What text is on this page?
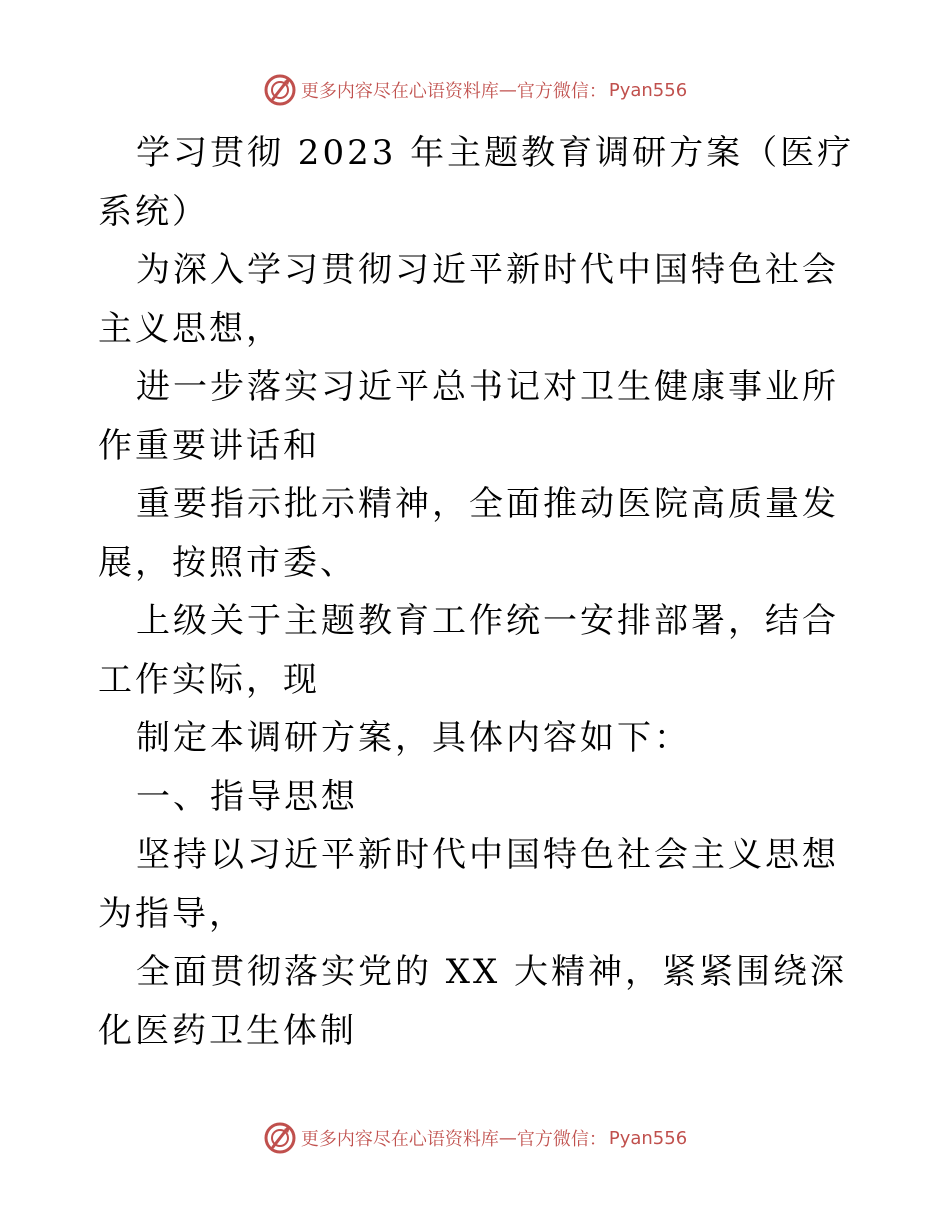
更多内容尽在心语资料库 — 官方微信： Pyan556

学习贯彻 2023 年主题教育调研方案（医疗系统）

为深入学习贯彻习近平新时代中国特色社会主义思想，

进一步落实习近平总书记对卫生健康事业所作重要讲话和

重要指示批示精神，全面推动医院高质量发展，按照市委、

上级关于主题教育工作统一安排部署，结合工作实际，现

制定本调研方案，具体内容如下：

一、指导思想

坚持以习近平新时代中国特色社会主义思想为指导，

全面贯彻落实党的 XX 大精神，紧紧围绕深化医药卫生体制

更多内容尽在心语资料库 — 官方微信： Pyan556
